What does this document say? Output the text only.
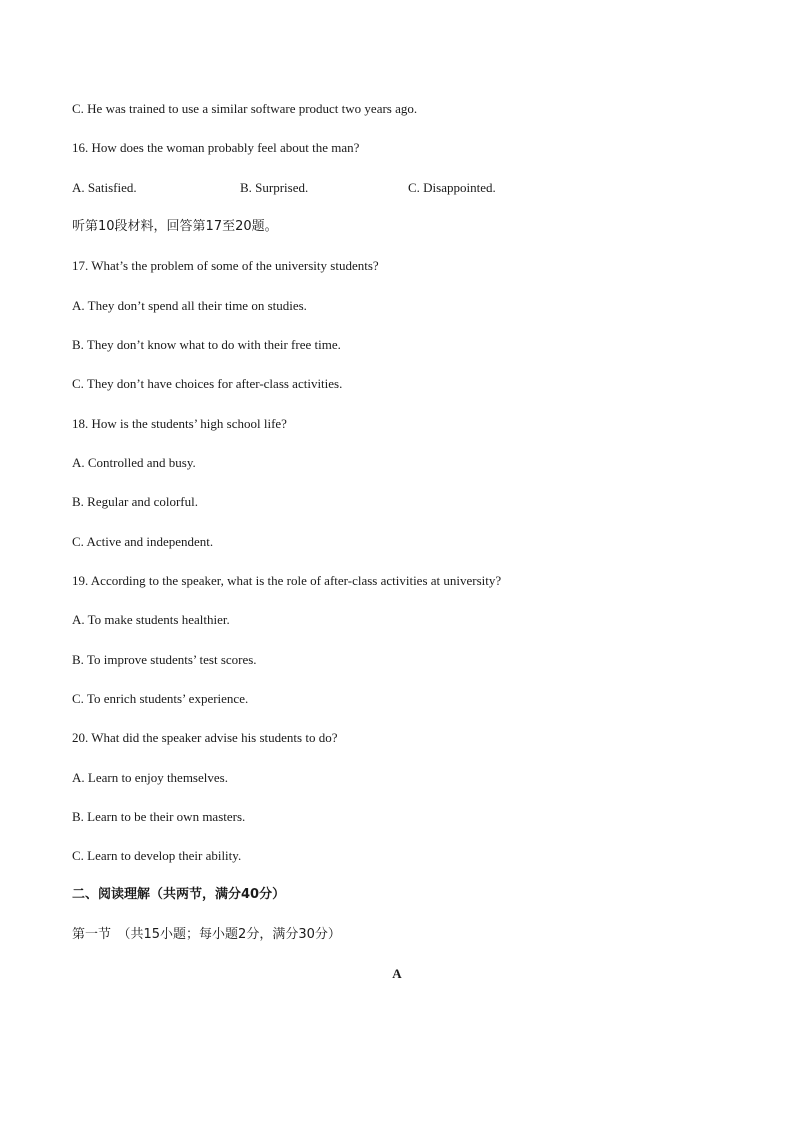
C. He was trained to use a similar software product two years ago.
16. How does the woman probably feel about the man?
A. Satisfied.	B. Surprised.	C. Disappointed.
听第10段材料，回答第17至20题。
17. What’s the problem of some of the university students?
A. They don’t spend all their time on studies.
B. They don’t know what to do with their free time.
C. They don’t have choices for after-class activities.
18. How is the students’ high school life?
A. Controlled and busy.
B. Regular and colorful.
C. Active and independent.
19. According to the speaker, what is the role of after-class activities at university?
A. To make students healthier.
B. To improve students’ test scores.
C. To enrich students’ experience.
20. What did the speaker advise his students to do?
A. Learn to enjoy themselves.
B. Learn to be their own masters.
C. Learn to develop their ability.
二、阅读理解（共两节，满分40分）
第一节　（共15小题；每小题2分，满分30分）
A
